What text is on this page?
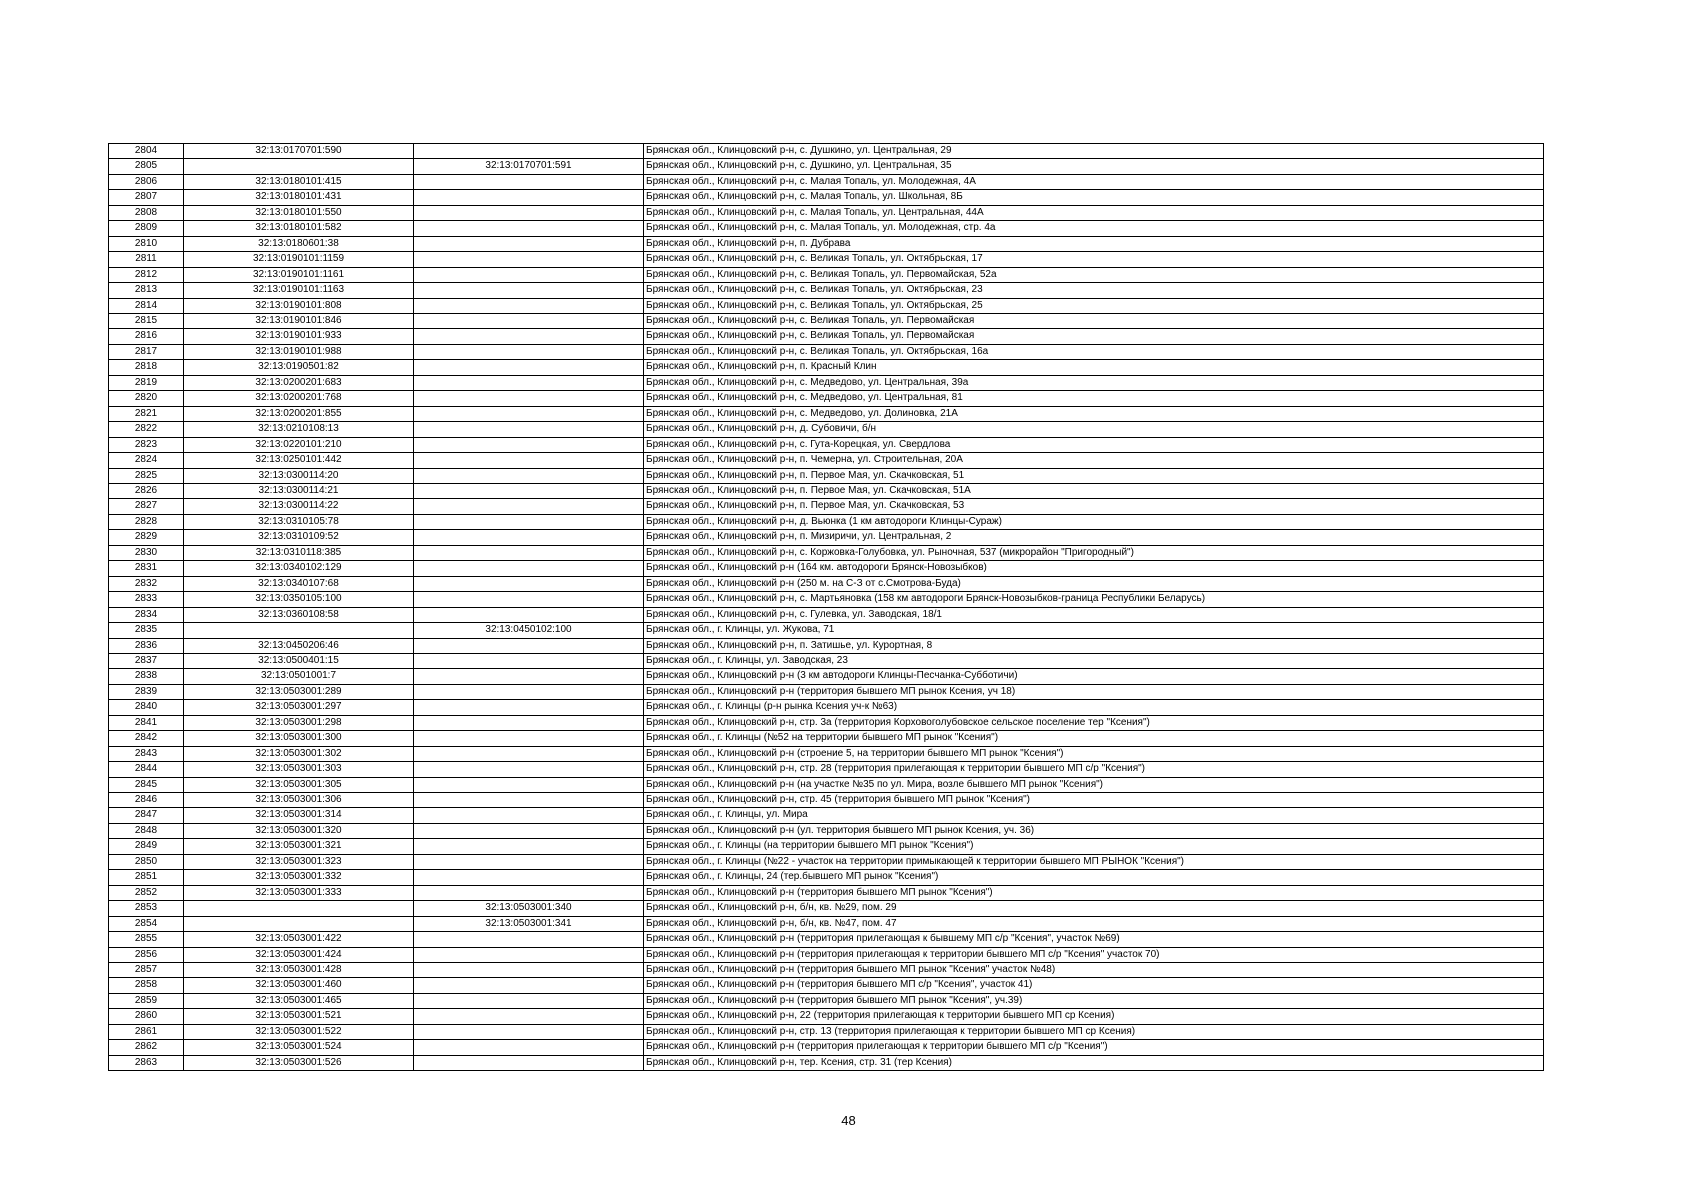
2804	32:13:0170701:590		Брянская обл., Клинцовский р-н, с. Душкино, ул. Центральная, 29
2805		32:13:0170701:591	Брянская обл., Клинцовский р-н, с. Душкино, ул. Центральная, 35
2806	32:13:0180101:415		Брянская обл., Клинцовский р-н, с. Малая Топаль, ул. Молодежная, 4А
2807	32:13:0180101:431		Брянская обл., Клинцовский р-н, с. Малая Топаль, ул. Школьная, 8Б
2808	32:13:0180101:550		Брянская обл., Клинцовский р-н, с. Малая Топаль, ул. Центральная, 44А
2809	32:13:0180101:582		Брянская обл., Клинцовский р-н, с. Малая Топаль, ул. Молодежная, стр. 4а
2810	32:13:0180601:38		Брянская обл., Клинцовский р-н, п. Дубрава
2811	32:13:0190101:1159		Брянская обл., Клинцовский р-н, с. Великая Топаль, ул. Октябрьская, 17
2812	32:13:0190101:1161		Брянская обл., Клинцовский р-н, с. Великая Топаль, ул. Первомайская, 52а
2813	32:13:0190101:1163		Брянская обл., Клинцовский р-н, с. Великая Топаль, ул. Октябрьская, 23
2814	32:13:0190101:808		Брянская обл., Клинцовский р-н, с. Великая Топаль, ул. Октябрьская, 25
2815	32:13:0190101:846		Брянская обл., Клинцовский р-н, с. Великая Топаль, ул. Первомайская
2816	32:13:0190101:933		Брянская обл., Клинцовский р-н, с. Великая Топаль, ул. Первомайская
2817	32:13:0190101:988		Брянская обл., Клинцовский р-н, с. Великая Топаль, ул. Октябрьская, 16а
2818	32:13:0190501:82		Брянская обл., Клинцовский р-н, п. Красный Клин
2819	32:13:0200201:683		Брянская обл., Клинцовский р-н, с. Медведово, ул. Центральная, 39а
2820	32:13:0200201:768		Брянская обл., Клинцовский р-н, с. Медведово, ул. Центральная, 81
2821	32:13:0200201:855		Брянская обл., Клинцовский р-н, с. Медведово, ул. Долиновка, 21А
2822	32:13:0210108:13		Брянская обл., Клинцовский р-н, д. Субовичи, б/н
2823	32:13:0220101:210		Брянская обл., Клинцовский р-н, с. Гута-Корецкая, ул. Свердлова
2824	32:13:0250101:442		Брянская обл., Клинцовский р-н, п. Чемерна, ул. Строительная, 20А
2825	32:13:0300114:20		Брянская обл., Клинцовский р-н, п. Первое Мая, ул. Скачковская, 51
2826	32:13:0300114:21		Брянская обл., Клинцовский р-н, п. Первое Мая, ул. Скачковская, 51А
2827	32:13:0300114:22		Брянская обл., Клинцовский р-н, п. Первое Мая, ул. Скачковская, 53
2828	32:13:0310105:78		Брянская обл., Клинцовский р-н, д. Вьюнка (1 км автодороги Клинцы-Сураж)
2829	32:13:0310109:52		Брянская обл., Клинцовский р-н, п. Мизиричи, ул. Центральная, 2
2830	32:13:0310118:385		Брянская обл., Клинцовский р-н, с. Коржовка-Голубовка, ул. Рыночная, 537 (микрорайон "Пригородный")
2831	32:13:0340102:129		Брянская обл., Клинцовский р-н (164 км. автодороги Брянск-Новозыбков)
2832	32:13:0340107:68		Брянская обл., Клинцовский р-н (250 м. на С-З от с.Смотрова-Буда)
2833	32:13:0350105:100		Брянская обл., Клинцовский р-н, с. Мартьяновка (158 км автодороги Брянск-Новозыбков-граница Республики Беларусь)
2834	32:13:0360108:58		Брянская обл., Клинцовский р-н, с. Гулевка, ул. Заводская, 18/1
2835		32:13:0450102:100	Брянская обл., г. Клинцы, ул. Жукова, 71
2836	32:13:0450206:46		Брянская обл., Клинцовский р-н, п. Затишье, ул. Курортная, 8
2837	32:13:0500401:15		Брянская обл., г. Клинцы, ул. Заводская, 23
2838	32:13:0501001:7		Брянская обл., Клинцовский р-н (3 км автодороги Клинцы-Песчанка-Субботичи)
2839	32:13:0503001:289		Брянская обл., Клинцовский р-н (территория бывшего МП рынок Ксения, уч 18)
2840	32:13:0503001:297		Брянская обл., г. Клинцы (р-н рынка Ксения уч-к №63)
2841	32:13:0503001:298		Брянская обл., Клинцовский р-н, стр. 3а (территория Корховоголубовское сельское поселение тер "Ксения")
2842	32:13:0503001:300		Брянская обл., г. Клинцы (№52 на территории бывшего МП рынок "Ксения")
2843	32:13:0503001:302		Брянская обл., Клинцовский р-н (строение 5, на территории бывшего МП рынок "Ксения")
2844	32:13:0503001:303		Брянская обл., Клинцовский р-н, стр. 28 (территория прилегающая к территории бывшего МП с/р "Ксения")
2845	32:13:0503001:305		Брянская обл., Клинцовский р-н (на участке №35 по ул. Мира, возле бывшего МП рынок "Ксения")
2846	32:13:0503001:306		Брянская обл., Клинцовский р-н, стр. 45 (территория бывшего МП рынок "Ксения")
2847	32:13:0503001:314		Брянская обл., г. Клинцы, ул. Мира
2848	32:13:0503001:320		Брянская обл., Клинцовский р-н (ул. территория бывшего МП рынок Ксения, уч. 36)
2849	32:13:0503001:321		Брянская обл., г. Клинцы (на территории бывшего МП рынок "Ксения")
2850	32:13:0503001:323		Брянская обл., г. Клинцы (№22 - участок на территории примыкающей к территории бывшего МП РЫНОК "Ксения")
2851	32:13:0503001:332		Брянская обл., г. Клинцы, 24 (тер.бывшего МП рынок "Ксения")
2852	32:13:0503001:333		Брянская обл., Клинцовский р-н (территория бывшего МП рынок "Ксения")
2853		32:13:0503001:340	Брянская обл., Клинцовский р-н, б/н, кв. №29, пом. 29
2854		32:13:0503001:341	Брянская обл., Клинцовский р-н, б/н, кв. №47, пом. 47
2855	32:13:0503001:422		Брянская обл., Клинцовский р-н (территория прилегающая к бывшему МП с/р "Ксения", участок №69)
2856	32:13:0503001:424		Брянская обл., Клинцовский р-н (территория прилегающая к территории бывшего МП с/р "Ксения" участок 70)
2857	32:13:0503001:428		Брянская обл., Клинцовский р-н (территория бывшего МП рынок "Ксения" участок №48)
2858	32:13:0503001:460		Брянская обл., Клинцовский р-н (территория бывшего МП с/р "Ксения", участок 41)
2859	32:13:0503001:465		Брянская обл., Клинцовский р-н (территория бывшего МП рынок "Ксения", уч.39)
2860	32:13:0503001:521		Брянская обл., Клинцовский р-н, 22 (территория прилегающая к территории бывшего МП ср Ксения)
2861	32:13:0503001:522		Брянская обл., Клинцовский р-н, стр. 13 (территория прилегающая к территории бывшего МП ср Ксения)
2862	32:13:0503001:524		Брянская обл., Клинцовский р-н (территория прилегающая к территории бывшего МП с/р "Ксения")
2863	32:13:0503001:526		Брянская обл., Клинцовский р-н, тер. Ксения, стр. 31 (тер Ксения)
48
